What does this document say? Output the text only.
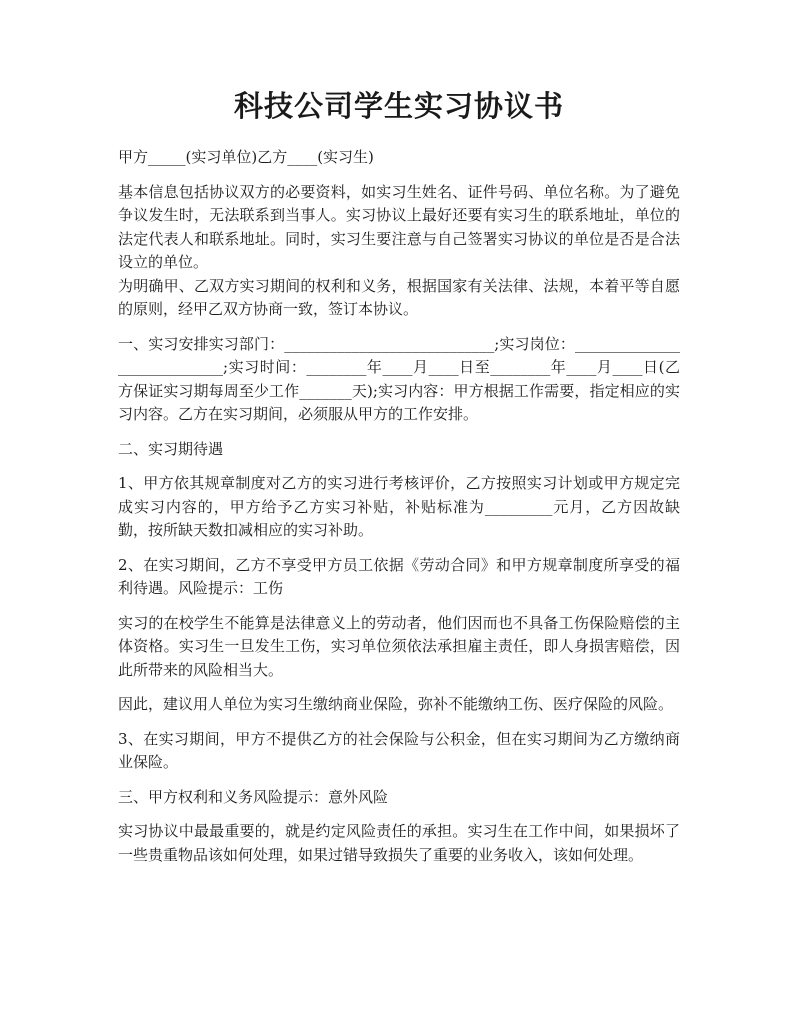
科技公司学生实习协议书

甲方_____(实习单位)乙方____(实习生)

基本信息包括协议双方的必要资料，如实习生姓名、证件号码、单位名称。为了避免争议发生时，无法联系到当事人。实习协议上最好还要有实习生的联系地址，单位的法定代表人和联系地址。同时，实习生要注意与自己签署实习协议的单位是否是合法设立的单位。

为明确甲、乙双方实习期间的权利和义务，根据国家有关法律、法规，本着平等自愿的原则，经甲乙双方协商一致，签订本协议。

一、实习安排实习部门：____________________________;实习岗位：____________________________;实习时间：________年____月____日至________年____月____日(乙方保证实习期每周至少工作_______天);实习内容：甲方根据工作需要，指定相应的实习内容。乙方在实习期间，必须服从甲方的工作安排。

二、实习期待遇

1、甲方依其规章制度对乙方的实习进行考核评价，乙方按照实习计划或甲方规定完成实习内容的，甲方给予乙方实习补贴，补贴标准为_________元月，乙方因故缺勤，按所缺天数扣减相应的实习补助。

2、在实习期间，乙方不享受甲方员工依据《劳动合同》和甲方规章制度所享受的福利待遇。风险提示：工伤

实习的在校学生不能算是法律意义上的劳动者，他们因而也不具备工伤保险赔偿的主体资格。实习生一旦发生工伤，实习单位须依法承担雇主责任，即人身损害赔偿，因此所带来的风险相当大。

因此，建议用人单位为实习生缴纳商业保险，弥补不能缴纳工伤、医疗保险的风险。

3、在实习期间，甲方不提供乙方的社会保险与公积金，但在实习期间为乙方缴纳商业保险。

三、甲方权利和义务风险提示：意外风险

实习协议中最最重要的，就是约定风险责任的承担。实习生在工作中间，如果损坏了一些贵重物品该如何处理，如果过错导致损失了重要的业务收入，该如何处理。
